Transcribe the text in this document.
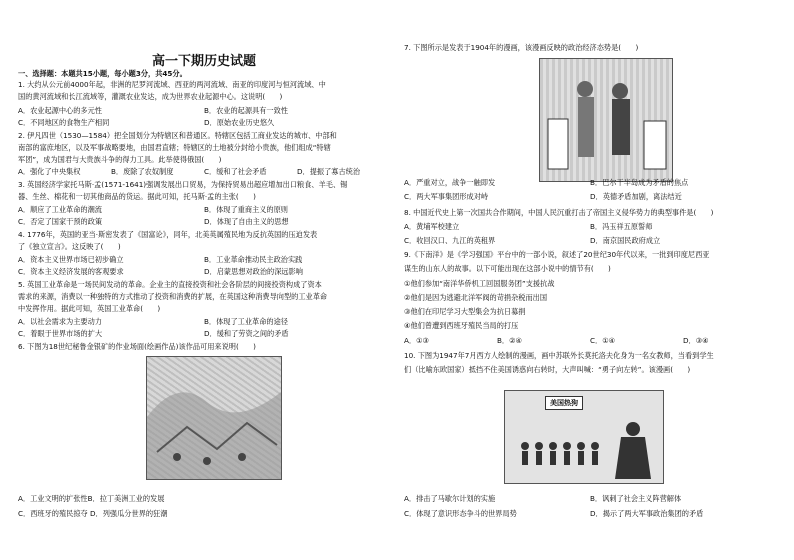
高一下期历史试题
一、选择题：本题共15小题，每小题3分，共45分。
1. 大约从公元前4000年起，非洲的尼罗河流域、西亚的两河流域、南亚的印度河与恒河流域、中
国的黄河流域和长江流域等，灌溉农业发达，成为世界农业起源中心。这说明(　　)
A．农业起源中心的多元性	B．农业的起源具有一致性
C．不同地区的食物生产相同	D．原始农业历史悠久
2. 伊凡四世（1530—1584）把全国划分为特辖区和普通区。特辖区包括工商业发达的城市、中部和
南部的富庶地区，以及军事战略要地，由国君直辖；特辖区的土地被分封给小贵族，他们组成“特辖
军团”，成为国君与大贵族斗争的得力工具。此举使得俄国(　　)
A．强化了中央集权	B．废除了农奴制度	C．缓和了社会矛盾	D．提振了寡古统治
3. 英国经济学家托马斯·孟(1571-1641)强调发展出口贸易，为保持贸易出超应增加出口粮食、羊毛、锡
器、生丝、棉花和一切其他商品的货运。据此可知，托马斯·孟的主张(　　)
A．顺应了工业革命的潮流	B．体现了重商主义的原则
C．否定了国家干预的政策	D．体现了自由主义的思想
4. 1776年，英国的亚当·斯密发表了《国富论》，同年，北美英属殖民地为反抗英国的压迫发表
了《独立宣言》。这反映了(　　)
A．资本主义世界市场已初步确立	B．工业革命推动民主政治实践
C．资本主义经济发展的客观要求	D．启蒙思想对政治的深远影响
5. 英国工业革命是一场民间发动的革命。企业主的直接投资和社会各阶层的间接投资构成了资本
需求的来源，消费以一种独特的方式推动了投资和消费的扩展，在英国这种消费导向型的工业革命
中发挥作用。据此可知，英国工业革命(　　)
A．以社会需求为主要动力	B．体现了工业革命的途径
C．着眼于世界市场的扩大	D．缓和了劳资之间的矛盾
6. 下图为18世纪秘鲁金银矿的作业场面(绘画作品)该作品可用来说明(　　)
A．工业文明的扩张性B．拉丁美洲工业的发展
C．西班牙的殖民掠夺 D．列强瓜分世界的狂潮
7. 下图所示是发表于1904年的漫画，该漫画反映的政治经济态势是(　　)
A．严重对立，战争一触即发	B．巴尔干半岛成为矛盾的焦点
C．两大军事集团形成对峙	D．英德矛盾加剧，离法结近
8. 中国近代史上第一次国共合作期间，中国人民沉重打击了帝国主义侵华势力的典型事件是(　　)
A．黄埔军校建立	B．冯玉祥五原誓师
C．收回汉口、九江的英租界	D．南京国民政府成立
9.《下南洋》是《学习强国》平台中的一部小说，叙述了20世纪30年代以来，一批到印度尼西亚
谋生的山东人的故事。以下可能出现在这部小说中的情节有(　　)
①他们参加“南洋华侨机工回国服务团”支援抗战
②他们是因为逃避北洋军阀的苛捐杂税而出国
③他们在印尼学习大型集会为抗日募捐
④他们曾遭到西班牙殖民当局的打压
A．①③	B．②④	C．①④	D．③④
10. 下图为1947年7月西方人绘制的漫画，画中苏联外长莫托洛夫化身为一名女教师，当看到学生
们（比喻东欧国家）抵挡不住美国诱惑向右转时，大声叫喊：“勇子向左转”。该漫画(　　)
美国热狗
A．排击了马歇尔计划的实施	B．讽刺了社会主义阵营解体
C．体现了意识形态争斗的世界局势	D．揭示了两大军事政治集团的矛盾
